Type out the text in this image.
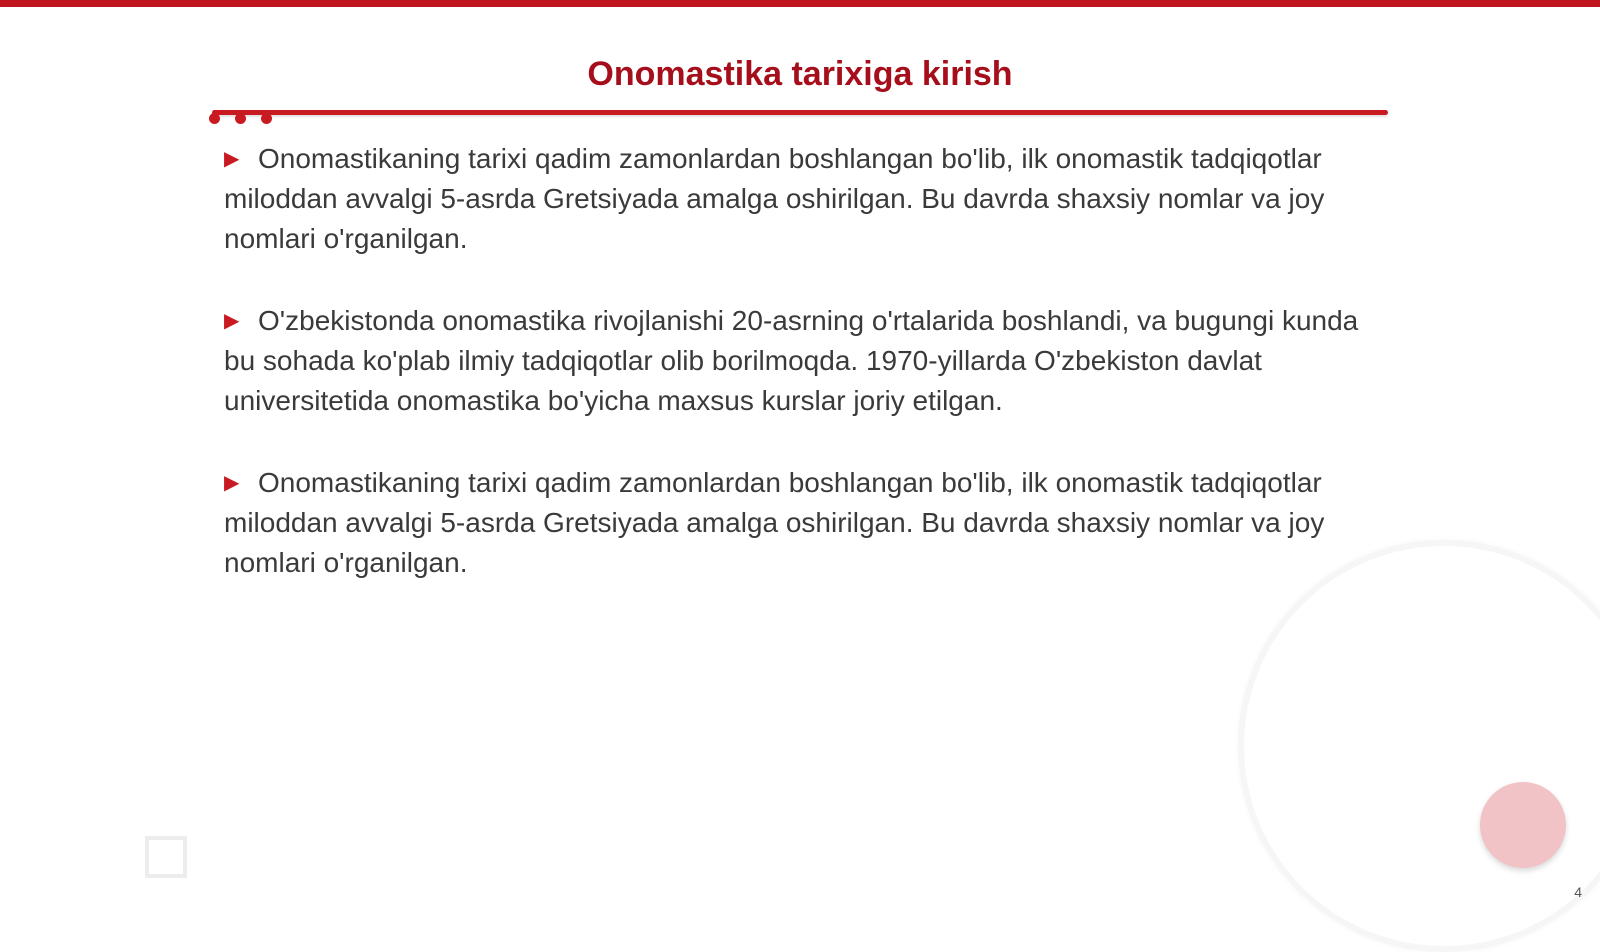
Onomastika tarixiga kirish
▶ Onomastikaning tarixi qadim zamonlardan boshlangan bo'lib, ilk onomastik tadqiqotlar miloddan avvalgi 5-asrda Gretsiyada amalga oshirilgan. Bu davrda shaxsiy nomlar va joy nomlari o'rganilgan.
▶ O'zbekistonda onomastika rivojlanishi 20-asrning o'rtalarida boshlandi, va bugungi kunda bu sohada ko'plab ilmiy tadqiqotlar olib borilmoqda. 1970-yillarda O'zbekiston davlat universitetida onomastika bo'yicha maxsus kurslar joriy etilgan.
▶ Onomastikaning tarixi qadim zamonlardan boshlangan bo'lib, ilk onomastik tadqiqotlar miloddan avvalgi 5-asrda Gretsiyada amalga oshirilgan. Bu davrda shaxsiy nomlar va joy nomlari o'rganilgan.
4
